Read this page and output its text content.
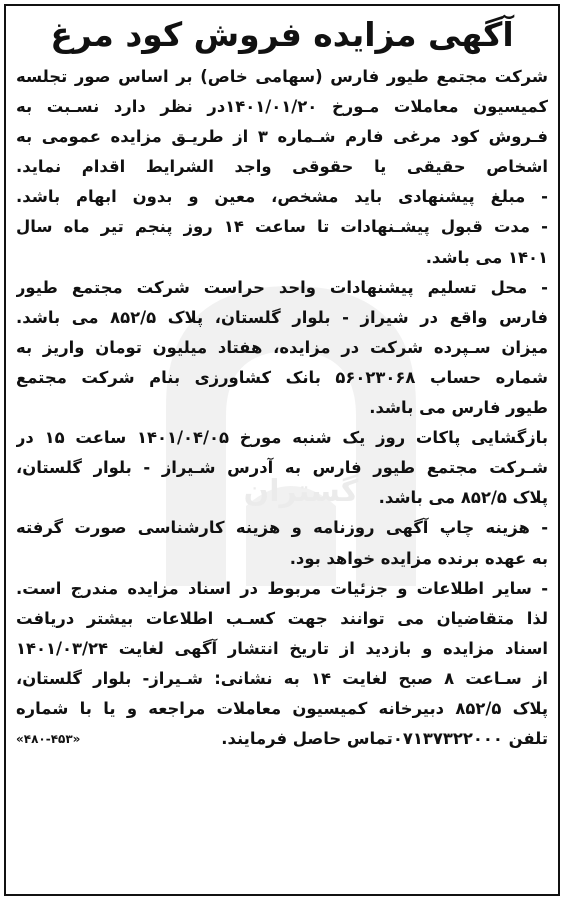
گستران
آگهی مزایده فروش کود مرغ
شرکت مجتمع طیور فارس (سهامی خاص) بر اساس صور تجلسه
کمیسیون معاملات مـورخ ۱۴۰۱/۰۱/۲۰در نظر دارد نسـبت به
فـروش کود مرغی فارم شـماره ۳ از طریـق مزایده عمومی به
اشخاص حقیقی یا حقوقی واجد الشرایط اقدام نماید.
- مبلغ پیشنهادی باید مشخص، معین و بدون ابهام باشد.
- مدت قبول پیشـنهادات تا ساعت ۱۴ روز پنجم تیر ماه سال
۱۴۰۱ می باشد.
- محل تسلیم پیشنهادات واحد حراست شرکت مجتمع طیور
فارس واقع در شیراز - بلوار گلستان، پلاک ۸۵۲/۵ می باشد.
میزان سـپرده شرکت در مزایده، هفتاد میلیون تومان واریز به
شماره حساب ۵۶۰۲۳۰۶۸ بانک کشاورزی بنام شرکت مجتمع
طیور فارس می باشد.
بازگشایی پاکات روز یک شنبه مورخ ۱۴۰۱/۰۴/۰۵ ساعت ۱۵ در
شـرکت مجتمع طیور فارس به آدرس شـیراز - بلوار گلستان،
پلاک ۸۵۲/۵ می باشد.
- هزینه چاپ آگهی روزنامه و هزینه کارشناسی صورت گرفته
به عهده برنده مزایده خواهد بود.
- سایر اطلاعات و جزئیات مربوط در اسناد مزایده مندرج است.
لذا متقاضیان می توانند جهت کسـب اطلاعات بیشتر دریافت
اسناد مزایده و بازدید از تاریخ انتشار آگهی لغایت ۱۴۰۱/۰۳/۲۴
از سـاعت ۸ صبح لغایت ۱۴ به نشانی: شـیراز- بلوار گلستان،
پلاک ۸۵۲/۵ دبیرخانه کمیسیون معاملات مراجعه و یا با شماره
تلفن ۰۷۱۳۷۳۲۲۰۰۰تماس حاصل فرمایند.
«۴۸۰-۴۵۳»
